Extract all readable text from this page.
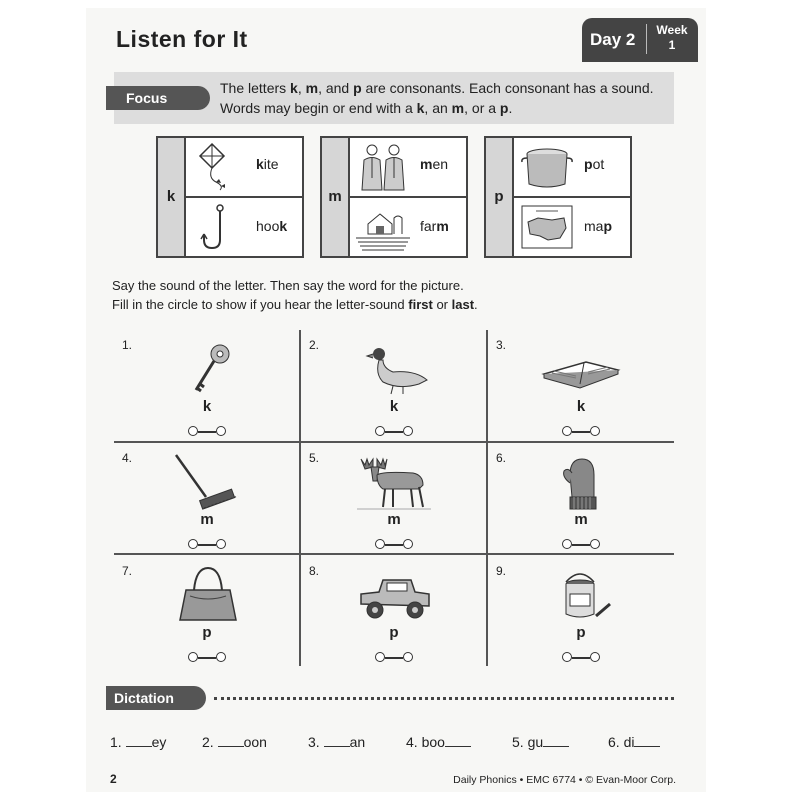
Listen for It	Day 2	Week
1
Focus
The letters k, m, and p are consonants. Each consonant has a sound. Words may begin or end with a k, an m, or a p.
k
kite
hook
m
men
farm
p
pot
map
Say the sound of the letter. Then say the word for the picture.
Fill in the circle to show if you hear the letter-sound first or last.
1.
k
2.
k
3.
k
4.
m
5.
m
6.
m
7.
p
8.
p
9.
p
Dictation
1. ey	2. oon	3. an	4. boo	5. gu	6. di
2	Daily Phonics • EMC 6774 • © Evan-Moor Corp.
